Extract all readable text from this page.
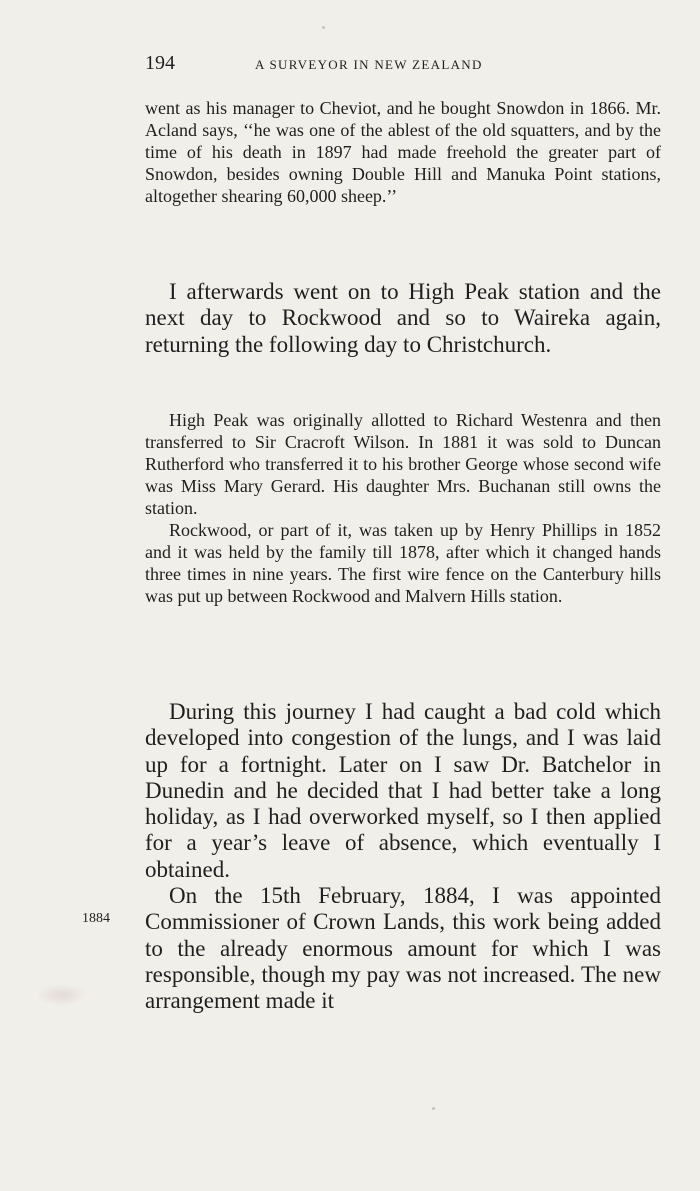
194	A SURVEYOR IN NEW ZEALAND

went as his manager to Cheviot, and he bought Snowdon in 1866. Mr. Acland says, ‘‘he was one of the ablest of the old squatters, and by the time of his death in 1897 had made freehold the greater part of Snowdon, besides owning Double Hill and Manuka Point stations, altogether shearing 60,000 sheep.’’

I afterwards went on to High Peak station and the next day to Rockwood and so to Waireka again, returning the following day to Christchurch.

High Peak was originally allotted to Richard Westenra and then transferred to Sir Cracroft Wilson. In 1881 it was sold to Duncan Rutherford who transferred it to his brother George whose second wife was Miss Mary Gerard. His daughter Mrs. Buchanan still owns the station.

Rockwood, or part of it, was taken up by Henry Phillips in 1852 and it was held by the family till 1878, after which it changed hands three times in nine years. The first wire fence on the Canterbury hills was put up between Rockwood and Malvern Hills station.

During this journey I had caught a bad cold which developed into congestion of the lungs, and I was laid up for a fortnight. Later on I saw Dr. Batchelor in Dunedin and he decided that I had better take a long holiday, as I had overworked myself, so I then applied for a year’s leave of absence, which eventually I obtained.

On the 15th February, 1884, I was appointed Commissioner of Crown Lands, this work being added to the already enormous amount for which I was responsible, though my pay was not increased. The new arrangement made it

1884
